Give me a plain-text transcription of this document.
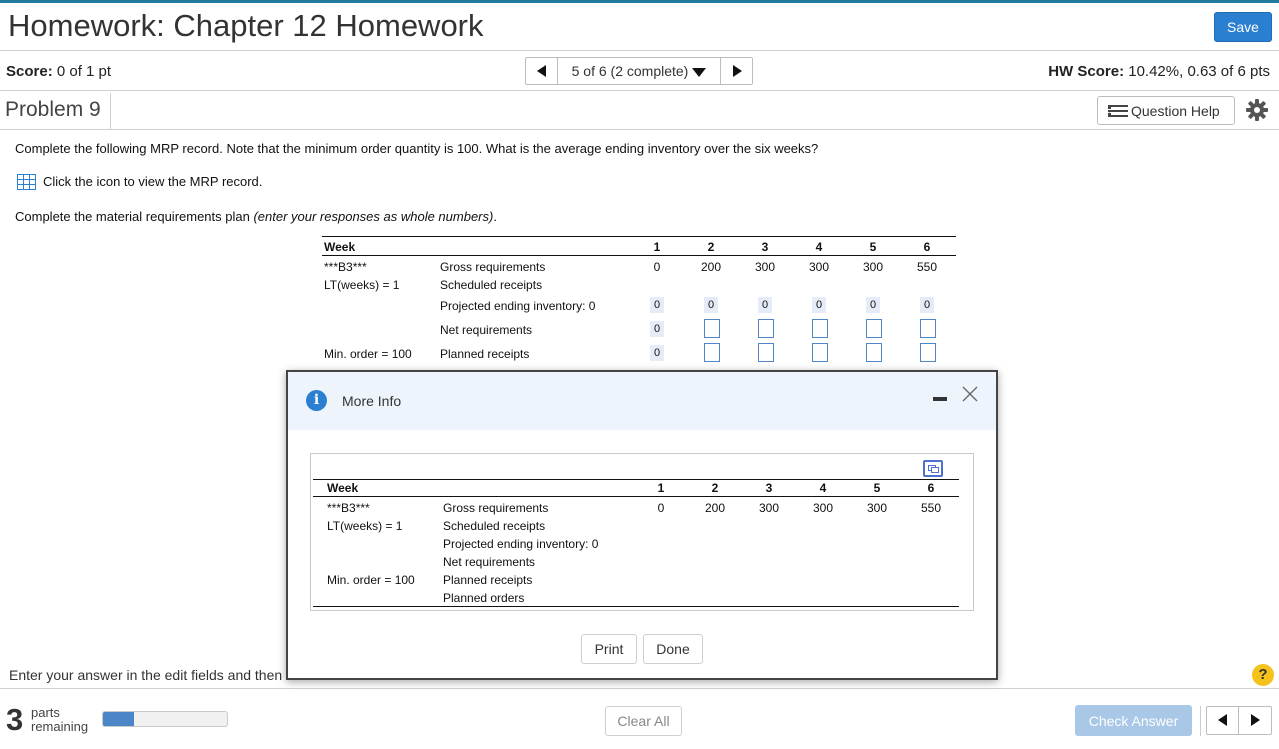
Homework: Chapter 12 Homework	Save
Score: 0 of 1 pt	5 of 6 (2 complete)	HW Score: 10.42%, 0.63 of 6 pts
Problem 9	Question Help
Complete the following MRP record. Note that the minimum order quantity is 100. What is the average ending inventory over the six weeks?
Click the icon to view the MRP record.
Complete the material requirements plan (enter your responses as whole numbers).
Week	1	2	3	4	5	6
***B3***	Gross requirements	0	200	300	300	300	550
LT(weeks) = 1	Scheduled receipts
Projected ending inventory: 0	0	0	0	0	0	0
Net requirements	0
Min. order = 100 Planned receipts	0
Enter your answer in the edit fields and then	?
3 parts
remaining	Clear All	Check Answer
i	More Info
Week	1	2	3	4	5	6
***B3***	Gross requirements	0	200	300	300	300	550
LT(weeks) = 1	Scheduled receipts
Projected ending inventory: 0
Net requirements
Min. order = 100 Planned receipts
Planned orders
Print	Done
